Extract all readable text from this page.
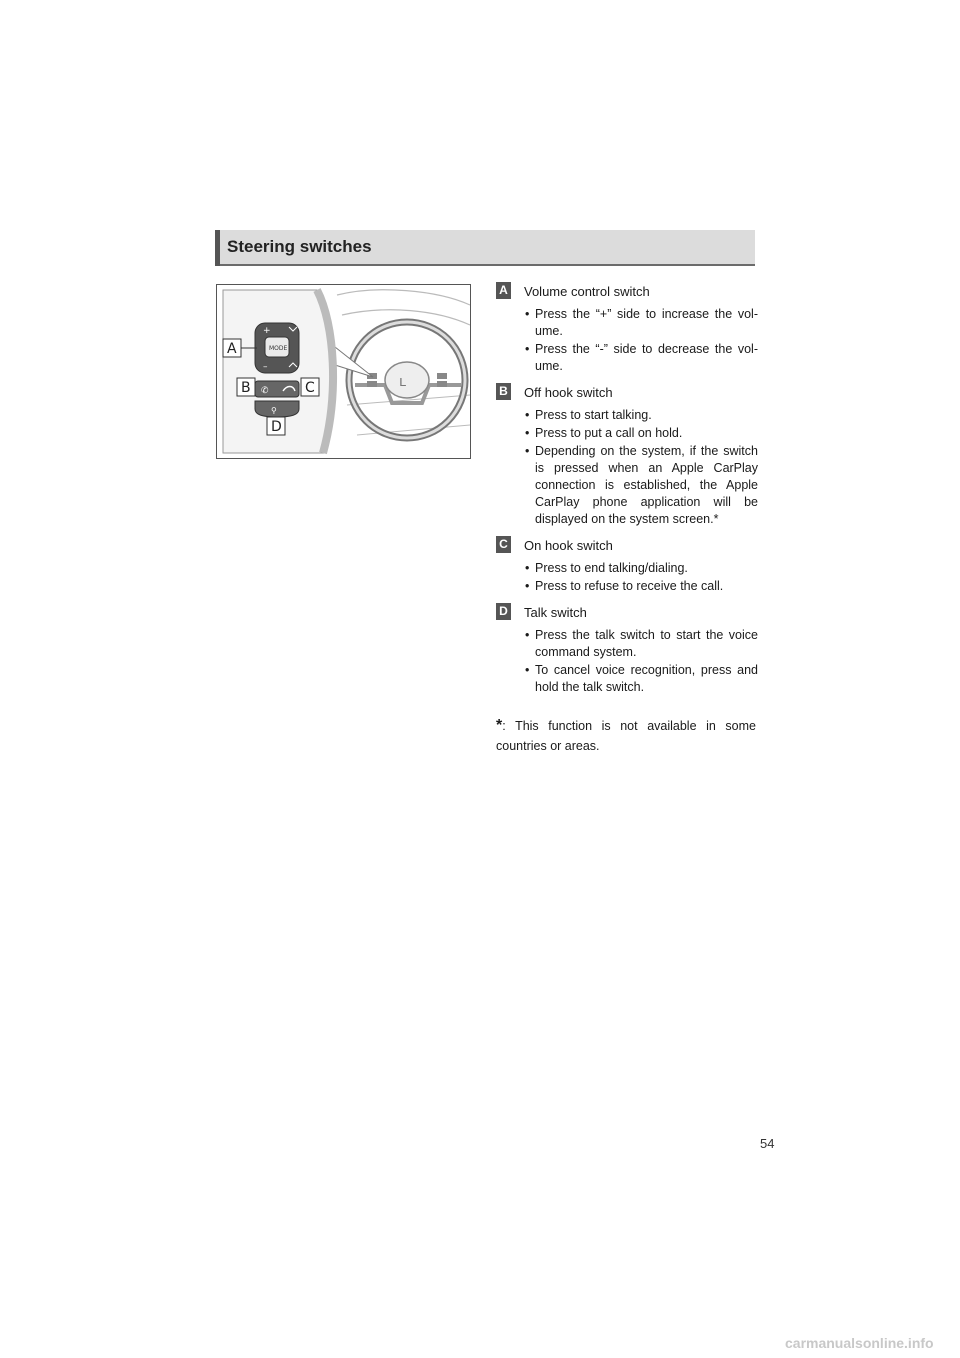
Steering switches
ʟ
MODE
+
–
✆
⚲
A
B	C
D
A Volume control switch
• Press the “+” side to increase the vol-ume.
• Press the “-” side to decrease the vol-ume.
B Off hook switch
• Press to start talking.
• Press to put a call on hold.
• Depending on the system, if the switch is pressed when an Apple CarPlay connection is established, the Apple CarPlay phone application will be displayed on the system screen.*
C On hook switch
• Press to end talking/dialing.
• Press to refuse to receive the call.
D Talk switch
• Press the talk switch to start the voice command system.
• To cancel voice recognition, press and hold the talk switch.
*: This function is not available in some countries or areas.
54
carmanualsonline.info
